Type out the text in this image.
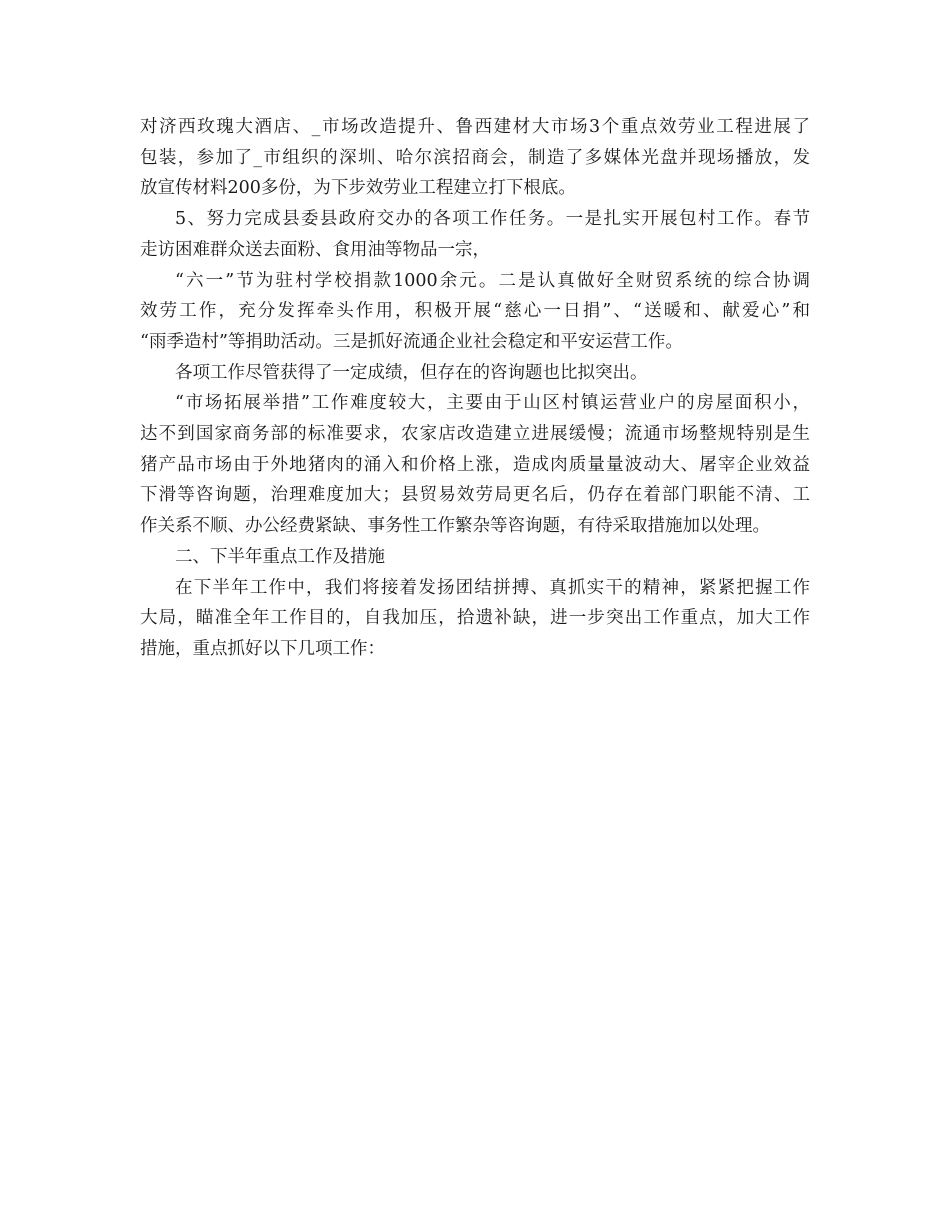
对济西玫瑰大酒店、_市场改造提升、鲁西建材大市场3个重点效劳业工程进展了
包装，参加了_市组织的深圳、哈尔滨招商会，制造了多媒体光盘并现场播放，发
放宣传材料200多份，为下步效劳业工程建立打下根底。

5、努力完成县委县政府交办的各项工作任务。一是扎实开展包村工作。春节
走访困难群众送去面粉、食用油等物品一宗，

“六一”节为驻村学校捐款1000余元。二是认真做好全财贸系统的综合协调
效劳工作，充分发挥牵头作用，积极开展“慈心一日捐”、“送暖和、献爱心”和
“雨季造村”等捐助活动。三是抓好流通企业社会稳定和平安运营工作。

各项工作尽管获得了一定成绩，但存在的咨询题也比拟突出。

“市场拓展举措”工作难度较大，主要由于山区村镇运营业户的房屋面积小，
达不到国家商务部的标准要求，农家店改造建立进展缓慢；流通市场整规特别是生
猪产品市场由于外地猪肉的涌入和价格上涨，造成肉质量量波动大、屠宰企业效益
下滑等咨询题，治理难度加大；县贸易效劳局更名后，仍存在着部门职能不清、工
作关系不顺、办公经费紧缺、事务性工作繁杂等咨询题，有待采取措施加以处理。

二、下半年重点工作及措施

在下半年工作中，我们将接着发扬团结拼搏、真抓实干的精神，紧紧把握工作
大局，瞄准全年工作目的，自我加压，拾遗补缺，进一步突出工作重点，加大工作
措施，重点抓好以下几项工作：
